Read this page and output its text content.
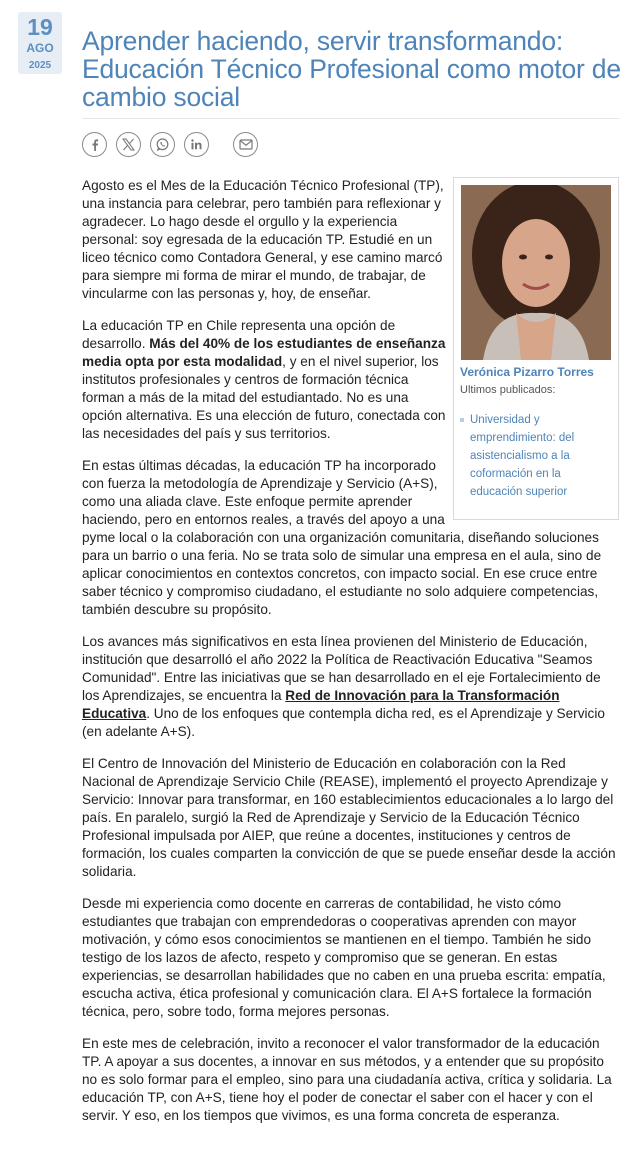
19
AGO
2025
Aprender haciendo, servir transformando: Educación Técnico Profesional como motor de cambio social
Verónica Pizarro Torres
Ultimos publicados:
Universidad y emprendimiento: del asistencialismo a la coformación en la educación superior

Agosto es el Mes de la Educación Técnico Profesional (TP), una instancia para celebrar, pero también para reflexionar y agradecer. Lo hago desde el orgullo y la experiencia personal: soy egresada de la educación TP. Estudié en un liceo técnico como Contadora General, y ese camino marcó para siempre mi forma de mirar el mundo, de trabajar, de vincularme con las personas y, hoy, de enseñar.

La educación TP en Chile representa una opción de desarrollo. Más del 40% de los estudiantes de enseñanza media opta por esta modalidad, y en el nivel superior, los institutos profesionales y centros de formación técnica forman a más de la mitad del estudiantado. No es una opción alternativa. Es una elección de futuro, conectada con las necesidades del país y sus territorios.

En estas últimas décadas, la educación TP ha incorporado con fuerza la metodología de Aprendizaje y Servicio (A+S), como una aliada clave. Este enfoque permite aprender haciendo, pero en entornos reales, a través del apoyo a una pyme local o la colaboración con una organización comunitaria, diseñando soluciones para un barrio o una feria. No se trata solo de simular una empresa en el aula, sino de aplicar conocimientos en contextos concretos, con impacto social. En ese cruce entre saber técnico y compromiso ciudadano, el estudiante no solo adquiere competencias, también descubre su propósito.

Los avances más significativos en esta línea provienen del Ministerio de Educación, institución que desarrolló el año 2022 la Política de Reactivación Educativa "Seamos Comunidad". Entre las iniciativas que se han desarrollado en el eje Fortalecimiento de los Aprendizajes, se encuentra la Red de Innovación para la Transformación Educativa. Uno de los enfoques que contempla dicha red, es el Aprendizaje y Servicio (en adelante A+S).

El Centro de Innovación del Ministerio de Educación en colaboración con la Red Nacional de Aprendizaje Servicio Chile (REASE), implementó el proyecto Aprendizaje y Servicio: Innovar para transformar, en 160 establecimientos educacionales a lo largo del país. En paralelo, surgió la Red de Aprendizaje y Servicio de la Educación Técnico Profesional impulsada por AIEP, que reúne a docentes, instituciones y centros de formación, los cuales comparten la convicción de que se puede enseñar desde la acción solidaria.

Desde mi experiencia como docente en carreras de contabilidad, he visto cómo estudiantes que trabajan con emprendedoras o cooperativas aprenden con mayor motivación, y cómo esos conocimientos se mantienen en el tiempo. También he sido testigo de los lazos de afecto, respeto y compromiso que se generan. En estas experiencias, se desarrollan habilidades que no caben en una prueba escrita: empatía, escucha activa, ética profesional y comunicación clara. El A+S fortalece la formación técnica, pero, sobre todo, forma mejores personas.

En este mes de celebración, invito a reconocer el valor transformador de la educación TP. A apoyar a sus docentes, a innovar en sus métodos, y a entender que su propósito no es solo formar para el empleo, sino para una ciudadanía activa, crítica y solidaria. La educación TP, con A+S, tiene hoy el poder de conectar el saber con el hacer y con el servir. Y eso, en los tiempos que vivimos, es una forma concreta de esperanza.
